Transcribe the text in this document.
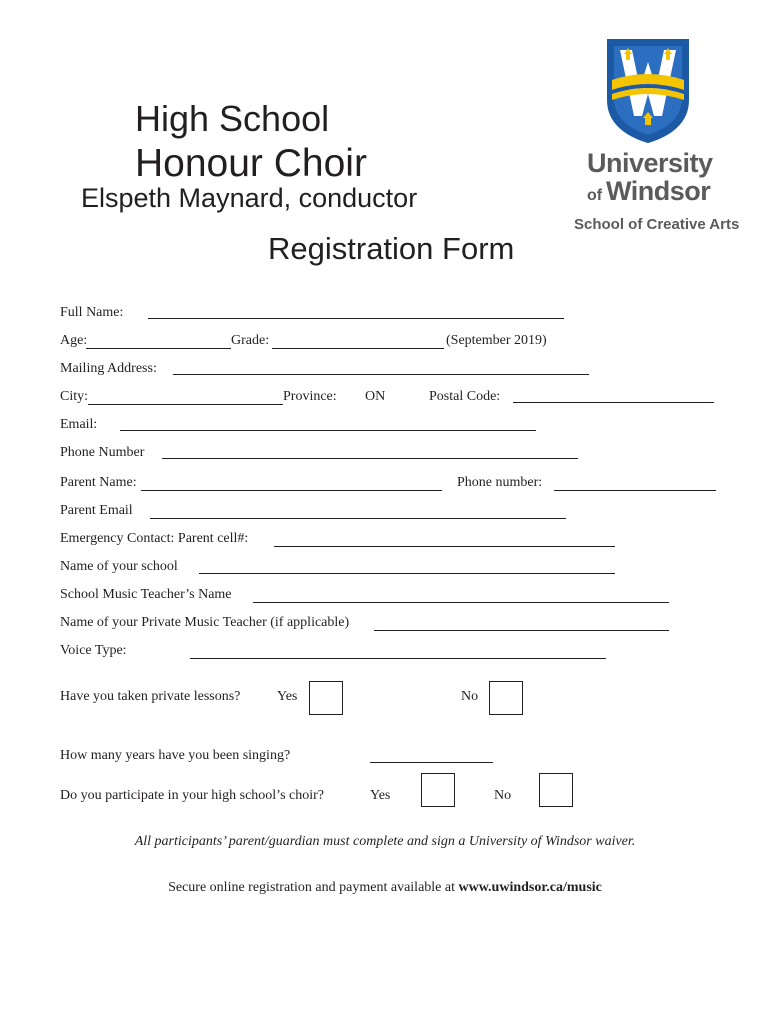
High School
Honour Choir
Elspeth Maynard, conductor
Registration Form
University
of Windsor
School of Creative Arts
Full Name:
Age:	Grade:	(September 2019)
Mailing Address:
City:	Province: ON	Postal Code:
Email:
Phone Number
Parent Name:	Phone number:
Parent Email
Emergency Contact: Parent cell#:
Name of your school
School Music Teacher’s Name
Name of your Private Music Teacher (if applicable)
Voice Type:
Have you taken private lessons?	Yes	No
How many years have you been singing?
Do you participate in your high school’s choir?	Yes	No
All participants’ parent/guardian must complete and sign a University of Windsor waiver.
Secure online registration and payment available at www.uwindsor.ca/music
